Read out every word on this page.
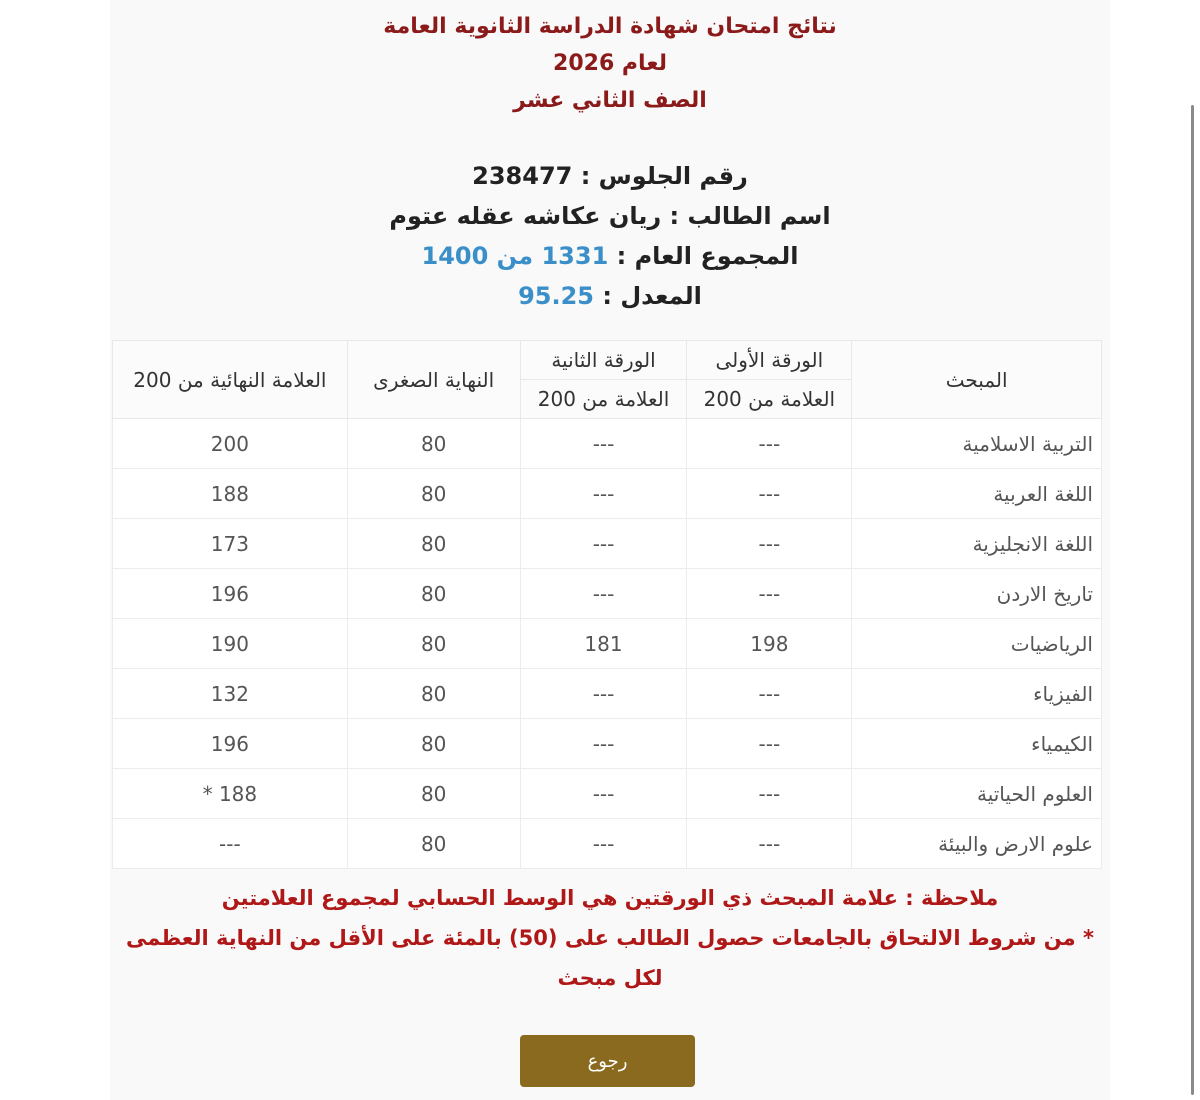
نتائج امتحان شهادة الدراسة الثانوية العامة
لعام 2026
الصف الثاني عشر
رقم الجلوس : 238477
اسم الطالب : ريان عكاشه عقله عتوم
المجموع العام : 1331 من 1400
المعدل : 95.25
المبحث	الورقة الأولى	الورقة الثانية	النهاية الصغرى	العلامة النهائية من 200
	العلامة من 200	العلامة من 200		
التربية الاسلامية	---	---	80	200
اللغة العربية	---	---	80	188
اللغة الانجليزية	---	---	80	173
تاريخ الاردن	---	---	80	196
الرياضيات	198	181	80	190
الفيزياء	---	---	80	132
الكيمياء	---	---	80	196
العلوم الحياتية	---	---	80	188 *
علوم الارض والبيئة	---	---	80	---
ملاحظة : علامة المبحث ذي الورقتين هي الوسط الحسابي لمجموع العلامتين
* من شروط الالتحاق بالجامعات حصول الطالب على (50) بالمئة على الأقل من النهاية العظمى
لكل مبحث
رجوع
